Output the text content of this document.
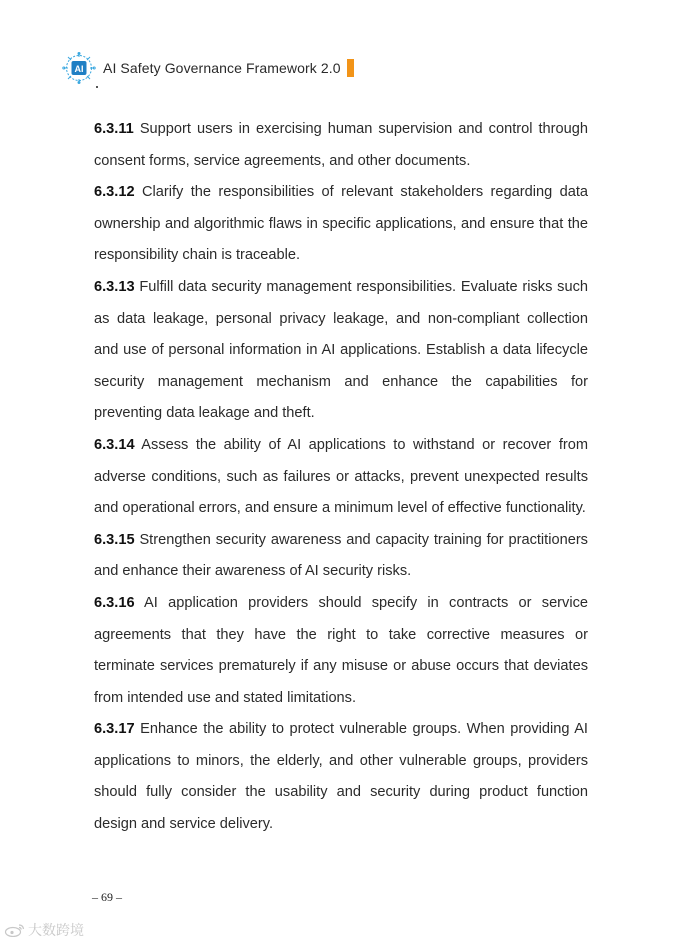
AI AI Safety Governance Framework 2.0

6.3.11 Support users in exercising human supervision and control through consent forms, service agreements, and other documents.

6.3.12 Clarify the responsibilities of relevant stakeholders regarding data ownership and algorithmic flaws in specific applications, and ensure that the responsibility chain is traceable.

6.3.13 Fulfill data security management responsibilities. Evaluate risks such as data leakage, personal privacy leakage, and non-compliant collection and use of personal information in AI applications. Establish a data lifecycle security management mechanism and enhance the capabilities for preventing data leakage and theft.

6.3.14 Assess the ability of AI applications to withstand or recover from adverse conditions, such as failures or attacks, prevent unexpected results and operational errors, and ensure a minimum level of effective functionality.

6.3.15 Strengthen security awareness and capacity training for practitioners and enhance their awareness of AI security risks.

6.3.16 AI application providers should specify in contracts or service agreements that they have the right to take corrective measures or terminate services prematurely if any misuse or abuse occurs that deviates from intended use and stated limitations.

6.3.17 Enhance the ability to protect vulnerable groups. When providing AI applications to minors, the elderly, and other vulnerable groups, providers should fully consider the usability and security during product function design and service delivery.

– 69 –
大数跨境
